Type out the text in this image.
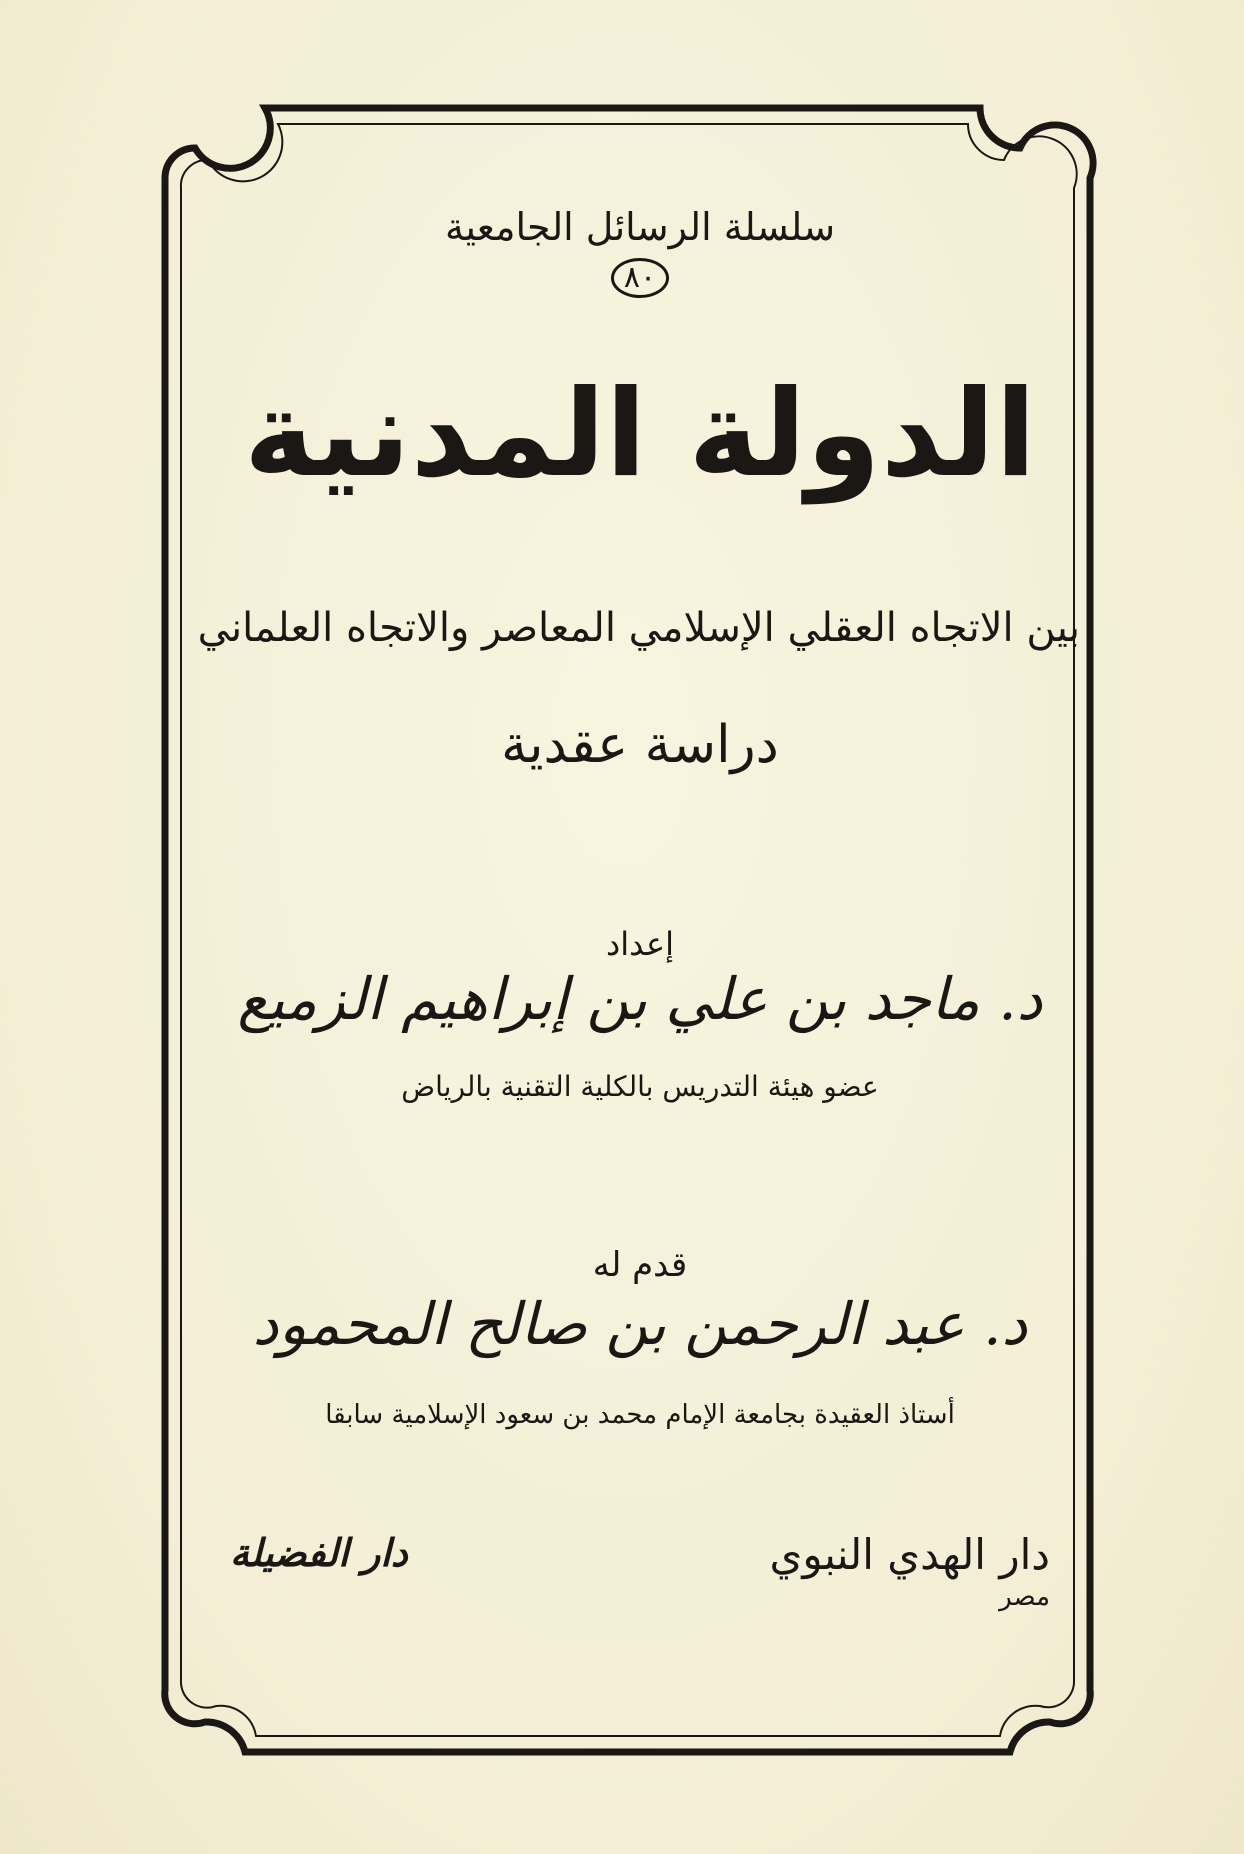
سلسلة الرسائل الجامعية
٨٠
الدولة المدنية
بين الاتجاه العقلي الإسلامي المعاصر والاتجاه العلماني
دراسة عقدية
إعداد
د. ماجد بن علي بن إبراهيم الزميع
عضو هيئة التدريس بالكلية التقنية بالرياض
قدم له
د. عبد الرحمن بن صالح المحمود
أستاذ العقيدة بجامعة الإمام محمد بن سعود الإسلامية سابقا
دار الفضيلة	دار الهدي النبوي
مصر
